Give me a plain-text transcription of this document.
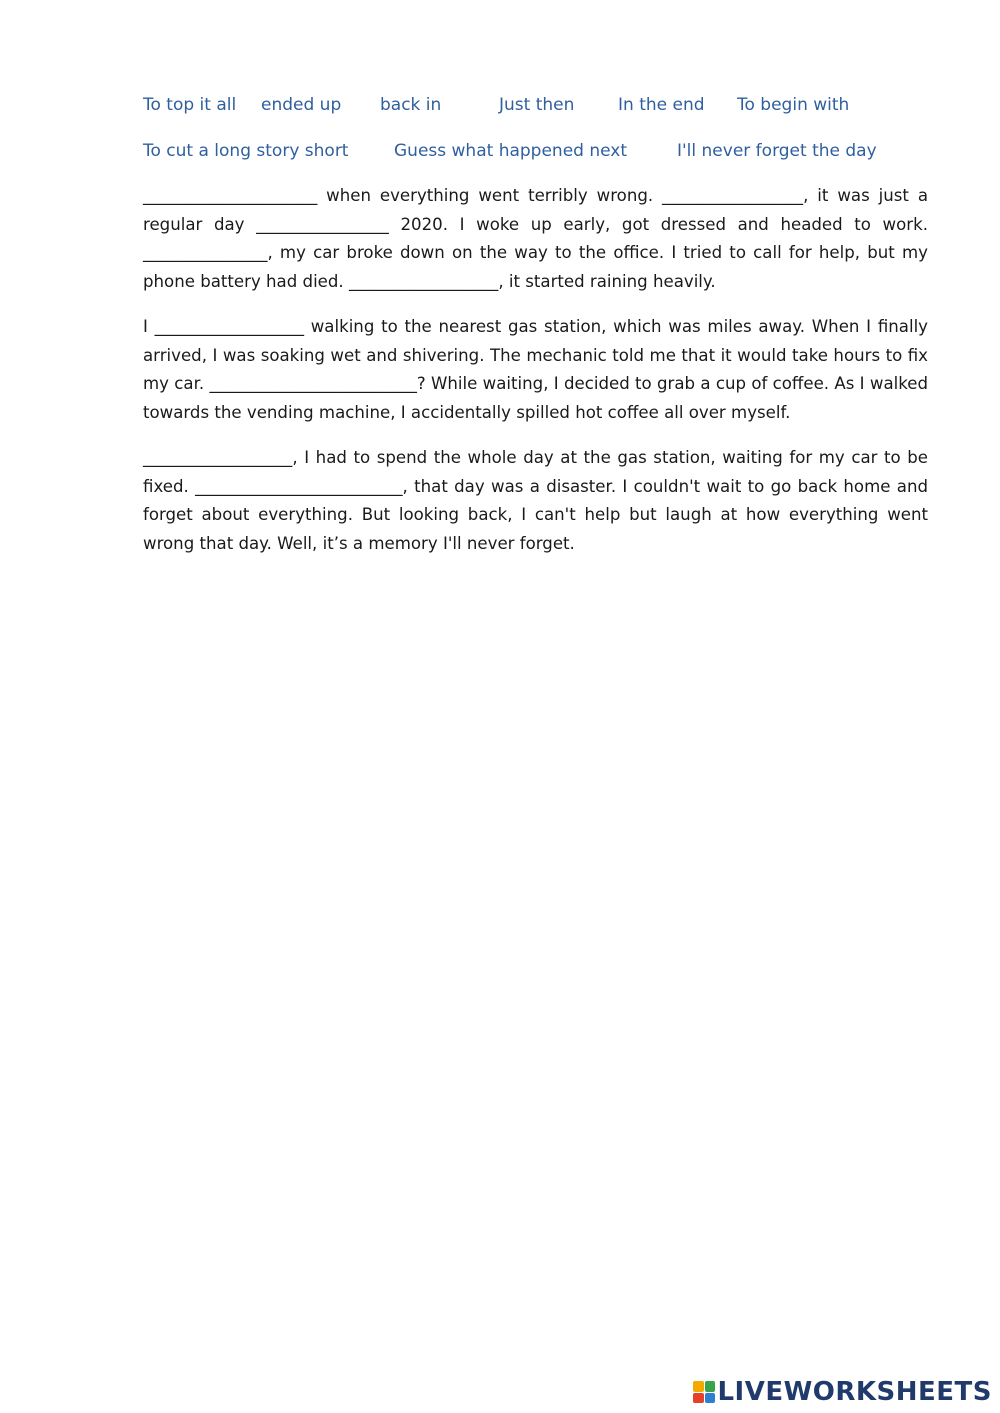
To top it all ended up back in	Just then	In the end To begin with
To cut a long story short	Guess what happened next	I'll never forget the day

_____________________ when everything went terribly wrong. _________________, it was just a regular day ________________ 2020. I woke up early, got dressed and headed to work. _______________, my car broke down on the way to the office. I tried to call for help, but my phone battery had died. __________________, it started raining heavily.

I __________________ walking to the nearest gas station, which was miles away. When I finally arrived, I was soaking wet and shivering. The mechanic told me that it would take hours to fix my car. _________________________? While waiting, I decided to grab a cup of coffee. As I walked towards the vending machine, I accidentally spilled hot coffee all over myself.

__________________, I had to spend the whole day at the gas station, waiting for my car to be fixed. _________________________, that day was a disaster. I couldn't wait to go back home and forget about everything. But looking back, I can't help but laugh at how everything went wrong that day. Well, it’s a memory I'll never forget.

LIVEWORKSHEETS
